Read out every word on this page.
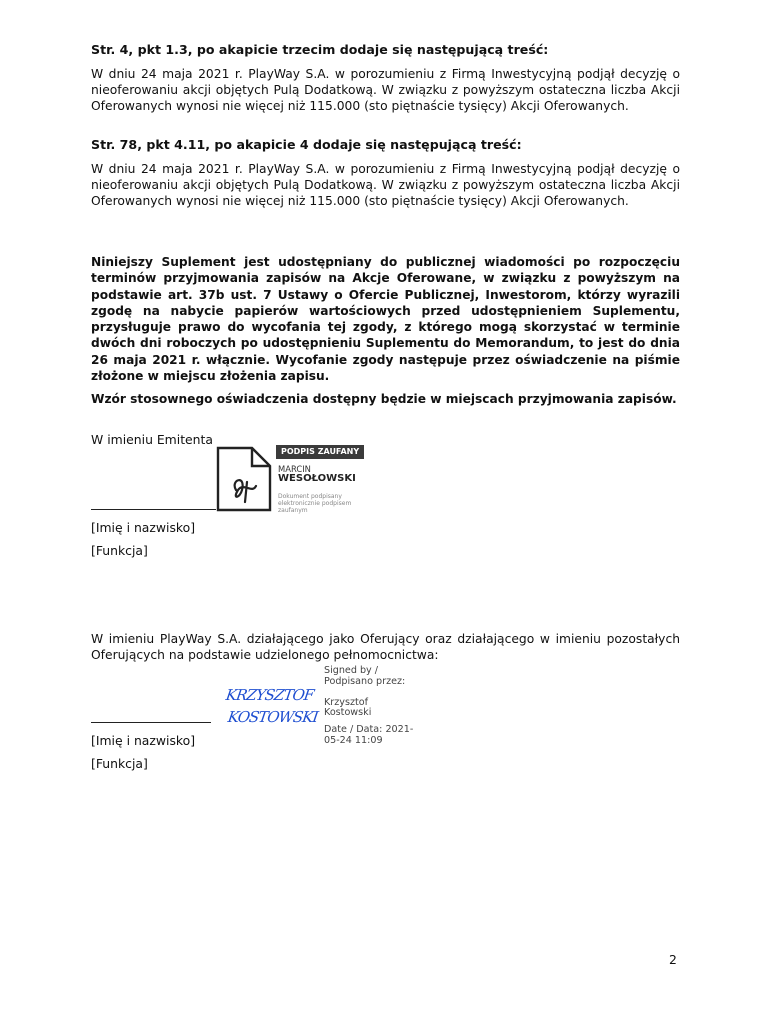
Str. 4, pkt 1.3, po akapicie trzecim dodaje się następującą treść:

W dniu 24 maja 2021 r. PlayWay S.A. w porozumieniu z Firmą Inwestycyjną podjął decyzję o nieoferowaniu akcji objętych Pulą Dodatkową. W związku z powyższym ostateczna liczba Akcji Oferowanych wynosi nie więcej niż 115.000 (sto piętnaście tysięcy) Akcji Oferowanych.

Str. 78, pkt 4.11, po akapicie 4 dodaje się następującą treść:

W dniu 24 maja 2021 r. PlayWay S.A. w porozumieniu z Firmą Inwestycyjną podjął decyzję o nieoferowaniu akcji objętych Pulą Dodatkową. W związku z powyższym ostateczna liczba Akcji Oferowanych wynosi nie więcej niż 115.000 (sto piętnaście tysięcy) Akcji Oferowanych.

Niniejszy Suplement jest udostępniany do publicznej wiadomości po rozpoczęciu terminów przyjmowania zapisów na Akcje Oferowane, w związku z powyższym na podstawie art. 37b ust. 7 Ustawy o Ofercie Publicznej, Inwestorom, którzy wyrazili zgodę na nabycie papierów wartościowych przed udostępnieniem Suplementu, przysługuje prawo do wycofania tej zgody, z którego mogą skorzystać w terminie dwóch dni roboczych po udostępnieniu Suplementu do Memorandum, to jest do dnia 26 maja 2021 r. włącznie. Wycofanie zgody następuje przez oświadczenie na piśmie złożone w miejscu złożenia zapisu.

Wzór stosownego oświadczenia dostępny będzie w miejscach przyjmowania zapisów.

W imieniu Emitenta
PODPIS ZAUFANY
MARCIN
WESOŁOWSKI
Dokument podpisany elektronicznie podpisem zaufanym
[Imię i nazwisko]
[Funkcja]

W imieniu PlayWay S.A. działającego jako Oferujący oraz działającego w imieniu pozostałych Oferujących na podstawie udzielonego pełnomocnictwa:

KRZYSZTOF
KOSTOWSKI
Signed by /
Podpisano przez:
Krzysztof
Kostowski
Date / Data: 2021-
05-24 11:09
[Imię i nazwisko]
[Funkcja]
2
